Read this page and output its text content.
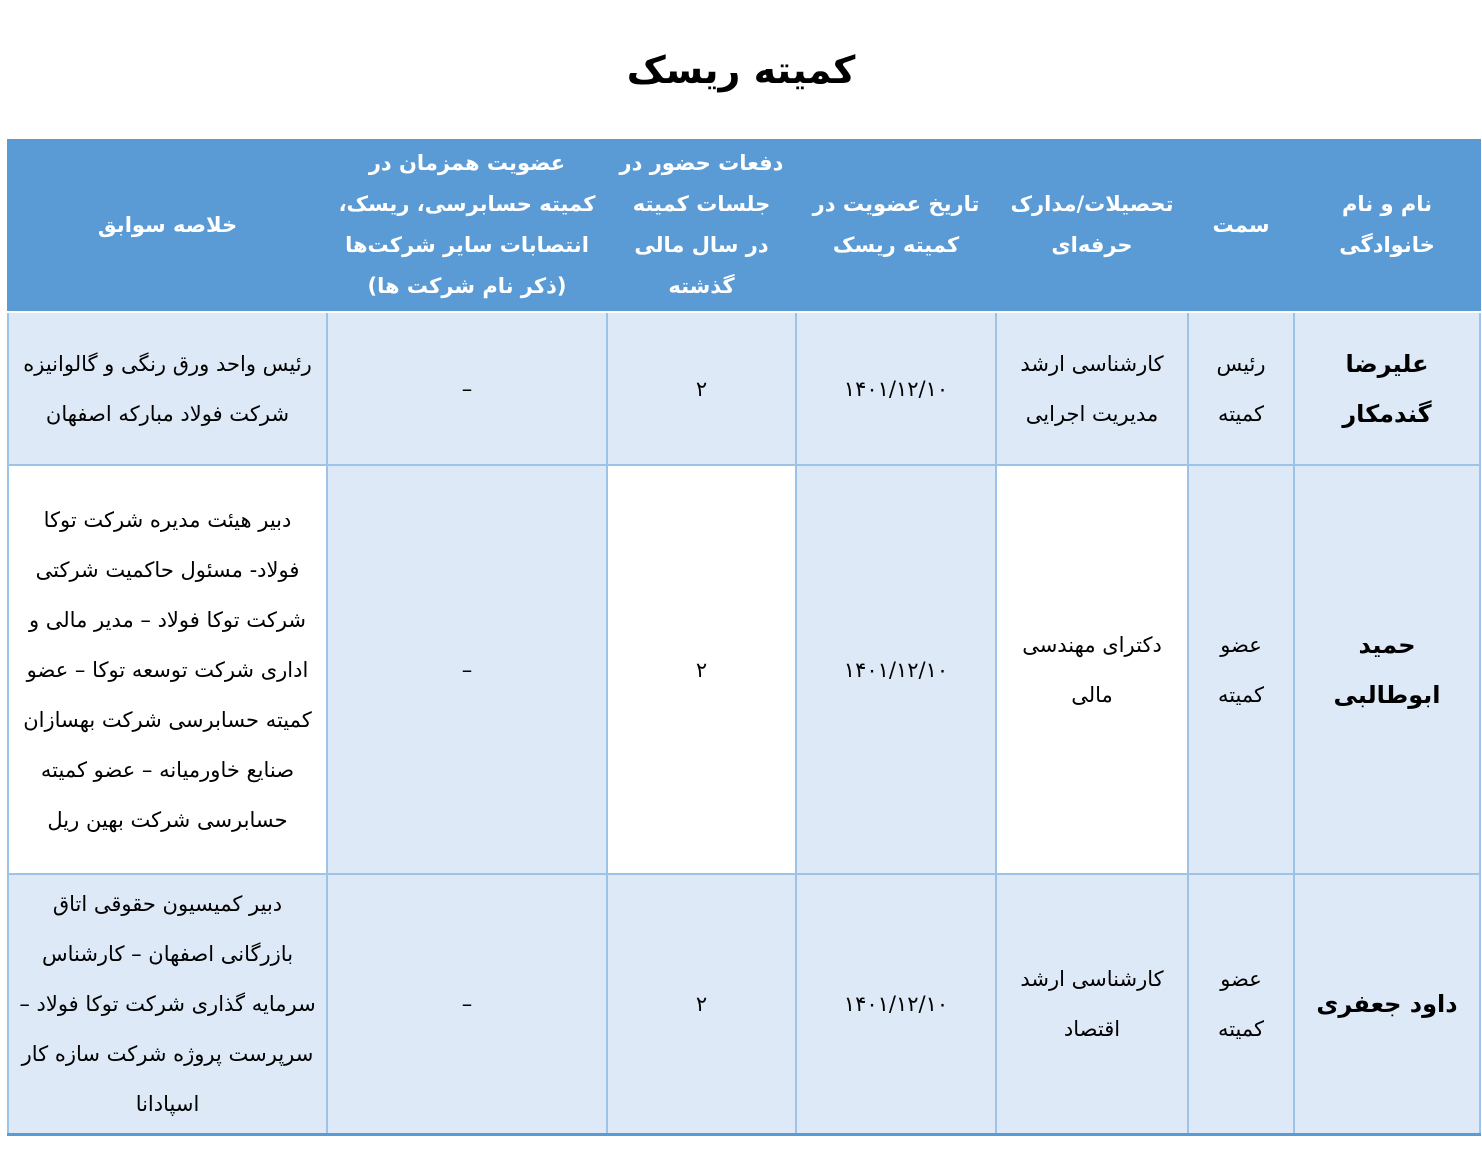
کمیته ریسک
نام و نام خانوادگی	سمت	تحصیلات/مدارک حرفه‌ای	تاریخ عضویت در کمیته ریسک	دفعات حضور در جلسات کمیته در سال مالی گذشته	عضویت همزمان در کمیته حسابرسی، ریسک، انتصابات سایر شرکت‌ها (ذکر نام شرکت ها)	خلاصه سوابق
علیرضا گندمکار	رئیس کمیته	کارشناسی ارشد مدیریت اجرایی	۱۴۰۱/۱۲/۱۰	۲	–	رئیس واحد ورق رنگی و گالوانیزه شرکت فولاد مبارکه اصفهان
حمید ابوطالبی	عضو کمیته	دکترای مهندسی مالی	۱۴۰۱/۱۲/۱۰	۲	–	دبیر هیئت مدیره شرکت توکا فولاد- مسئول حاکمیت شرکتی شرکت توکا فولاد – مدیر مالی و اداری شرکت توسعه توکا – عضو کمیته حسابرسی شرکت بهسازان صنایع خاورمیانه – عضو کمیته حسابرسی شرکت بهین ریل
داود جعفری	عضو کمیته	کارشناسی ارشد اقتصاد	۱۴۰۱/۱۲/۱۰	۲	–	دبیر کمیسیون حقوقی اتاق بازرگانی اصفهان – کارشناس سرمایه گذاری شرکت توکا فولاد – سرپرست پروژه شرکت سازه کار اسپادانا
